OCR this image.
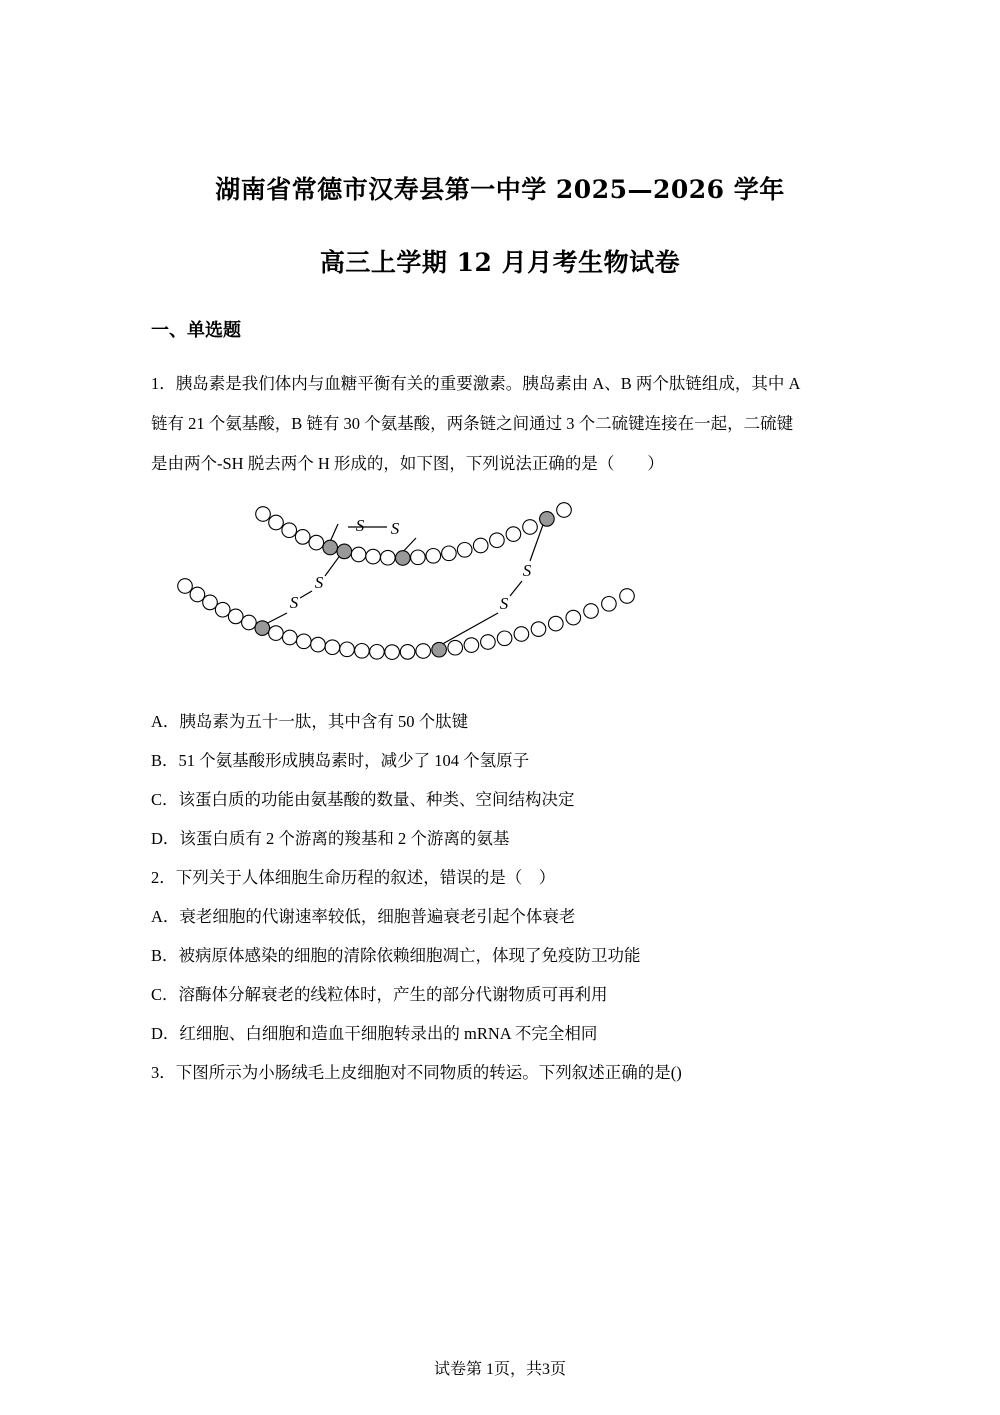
湖南省常德市汉寿县第一中学 2025—2026 学年
高三上学期 12 月月考生物试卷
一、单选题
1．胰岛素是我们体内与血糖平衡有关的重要激素。胰岛素由 A、B 两个肽链组成，其中 A
链有 21 个氨基酸，B 链有 30 个氨基酸，两条链之间通过 3 个二硫键连接在一起，二硫键
是由两个-SH 脱去两个 H 形成的，如下图，下列说法正确的是（　　）
S S
S
S
S
S
A．胰岛素为五十一肽，其中含有 50 个肽键
B．51 个氨基酸形成胰岛素时，减少了 104 个氢原子
C．该蛋白质的功能由氨基酸的数量、种类、空间结构决定
D．该蛋白质有 2 个游离的羧基和 2 个游离的氨基
2．下列关于人体细胞生命历程的叙述，错误的是（　）
A．衰老细胞的代谢速率较低，细胞普遍衰老引起个体衰老
B．被病原体感染的细胞的清除依赖细胞凋亡，体现了免疫防卫功能
C．溶酶体分解衰老的线粒体时，产生的部分代谢物质可再利用
D．红细胞、白细胞和造血干细胞转录出的 mRNA 不完全相同
3．下图所示为小肠绒毛上皮细胞对不同物质的转运。下列叙述正确的是()
试卷第 1页，共3页
